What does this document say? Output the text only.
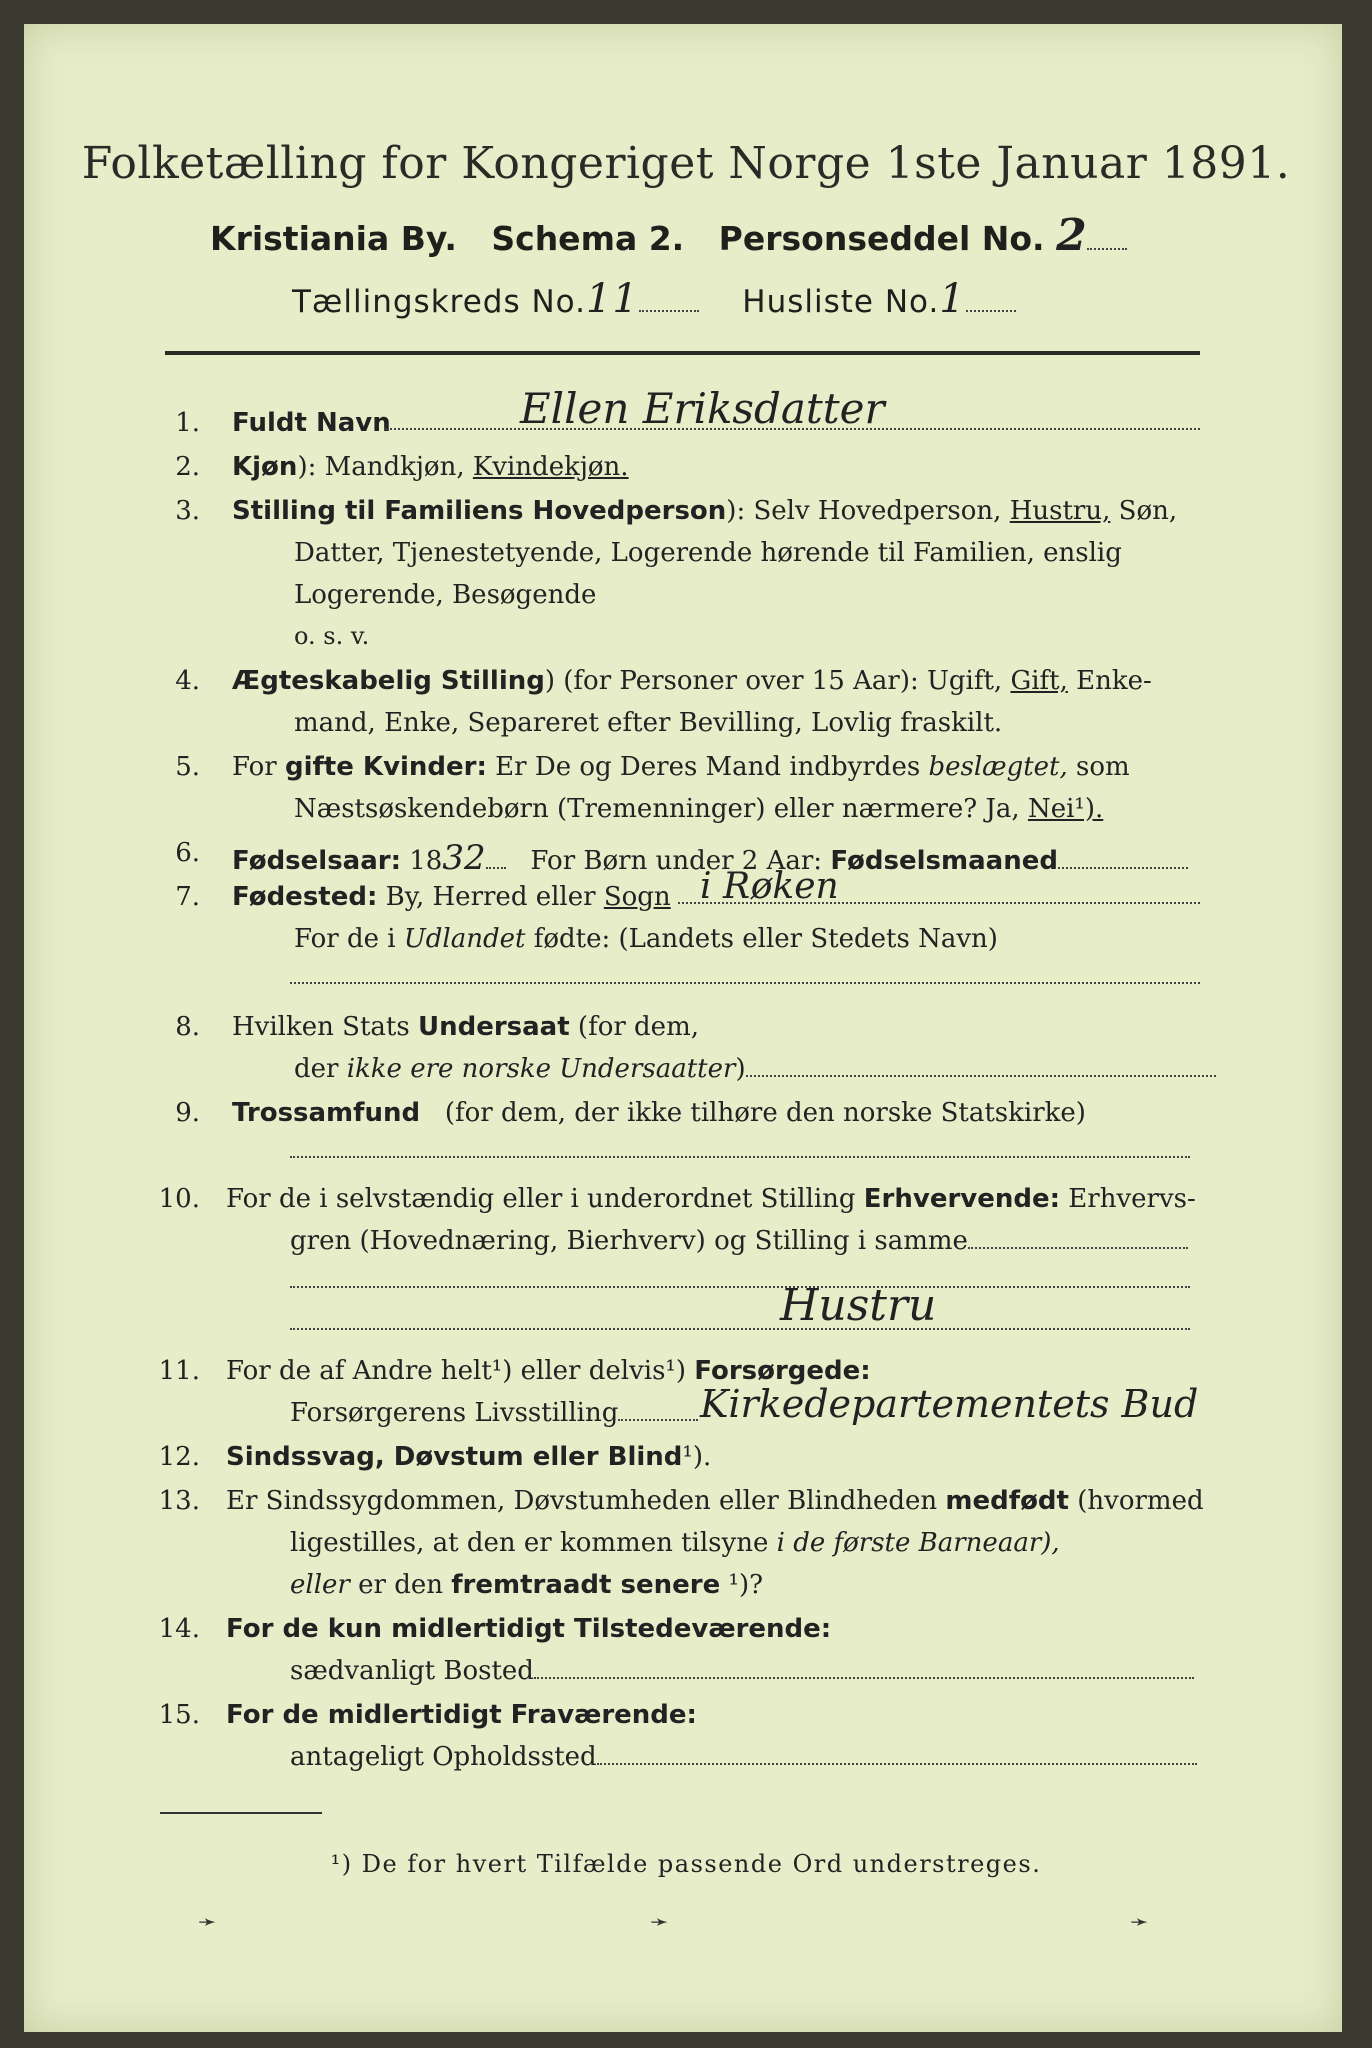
Folketælling for Kongeriget Norge 1ste Januar 1891.
Kristiania By. Schema 2. Personseddel No. 2
Tællingskreds No.11	Husliste No.1
1. Fuldt Navn	Ellen Eriksdatter
2. Kjøn): Mandkjøn, Kvindekjøn.
3. Stilling til Familiens Hovedperson): Selv Hovedperson, Hustru, Søn,
Datter, Tjenestetyende, Logerende hørende til Familien, enslig
Logerende, Besøgende
o. s. v.
4. Ægteskabelig Stilling) (for Personer over 15 Aar): Ugift, Gift, Enke-
mand, Enke, Separeret efter Bevilling, Lovlig fraskilt.
5. For gifte Kvinder: Er De og Deres Mand indbyrdes beslægtet, som
Næstsøskendebørn (Tremenninger) eller nærmere? Ja, Nei¹).
6. Fødselsaar: 1832 For Børn under 2 Aar: Fødselsmaaned
7. Fødested: By, Herred eller Sogn i Røken
For de i Udlandet fødte: (Landets eller Stedets Navn)
8. Hvilken Stats Undersaat (for dem,
der ikke ere norske Undersaatter)
9. Trossamfund (for dem, der ikke tilhøre den norske Statskirke)
10. For de i selvstændig eller i underordnet Stilling Erhvervende: Erhvervs-
gren (Hovednæring, Bierhverv) og Stilling i samme
Hustru
11. For de af Andre helt¹) eller delvis¹) Forsørgede:
Forsørgerens Livsstilling	Kirkedepartementets Bud
12. Sindssvag, Døvstum eller Blind¹).
13. Er Sindssygdommen, Døvstumheden eller Blindheden medfødt (hvormed
ligestilles, at den er kommen tilsyne i de første Barneaar),
eller er den fremtraadt senere ¹)?
14. For de kun midlertidigt Tilstedeværende:
sædvanligt Bosted
15. For de midlertidigt Fraværende:
antageligt Opholdssted
¹) De for hvert Tilfælde passende Ord understreges.
➛	➛	➛
